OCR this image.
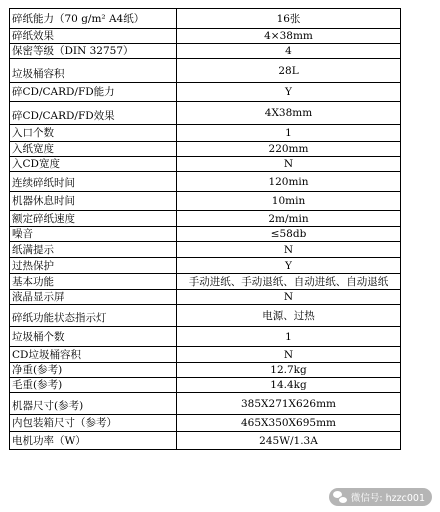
碎纸能力（70 g/m² A4纸）	16张
碎纸效果	4×38mm
保密等级（DIN 32757）	4
垃圾桶容积	28L
碎CD/CARD/FD能力	Y
碎CD/CARD/FD效果	4X38mm
入口个数	1
入纸宽度	220mm
入CD宽度	N
连续碎纸时间	120min
机器休息时间	10min
额定碎纸速度	2m/min
噪音	≤58db
纸满提示	N
过热保护	Y
基本功能	手动进纸、手动退纸、自动进纸、自动退纸
液晶显示屏	N
碎纸功能状态指示灯	电源、过热
垃圾桶个数	1
CD垃圾桶容积	N
净重(参考)	12.7kg
毛重(参考)	14.4kg
机器尺寸(参考)	385X271X626mm
内包装箱尺寸（参考）	465X350X695mm
电机功率（W）	245W/1.3A
微信号: hzzc001
